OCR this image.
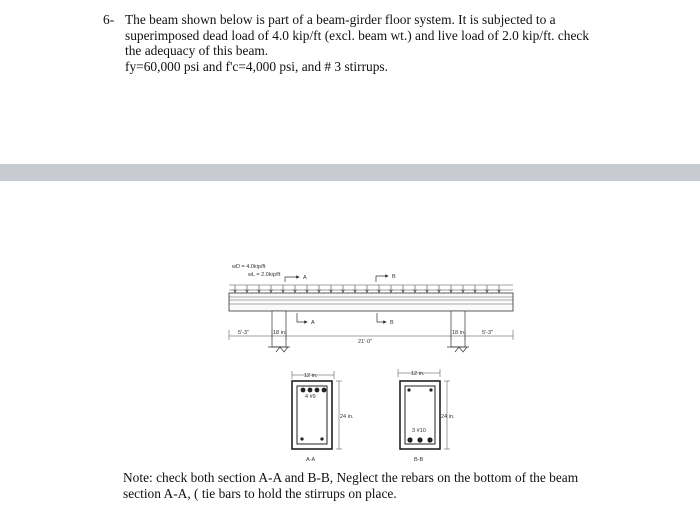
6- The beam shown below is part of a beam-girder floor system. It is subjected to a
superimposed dead load of 4.0 kip/ft (excl. beam wt.) and live load of 2.0 kip/ft. check
the adequacy of this beam.
fy=60,000 psi and f'c=4,000 psi, and # 3 stirrups.
wD = 4.0kip/ft
wL = 2.0kip/ft	A	B
A	B
5'-3"	18 in.
21'-0"
18 in.	5'-3"
12 in.
24 in.
4 #9
A-A
12 in.
24 in.
3 #10
B-B
Note: check both section A-A and B-B, Neglect the rebars on the bottom of the beam
section A-A, ( tie bars to hold the stirrups on place.
